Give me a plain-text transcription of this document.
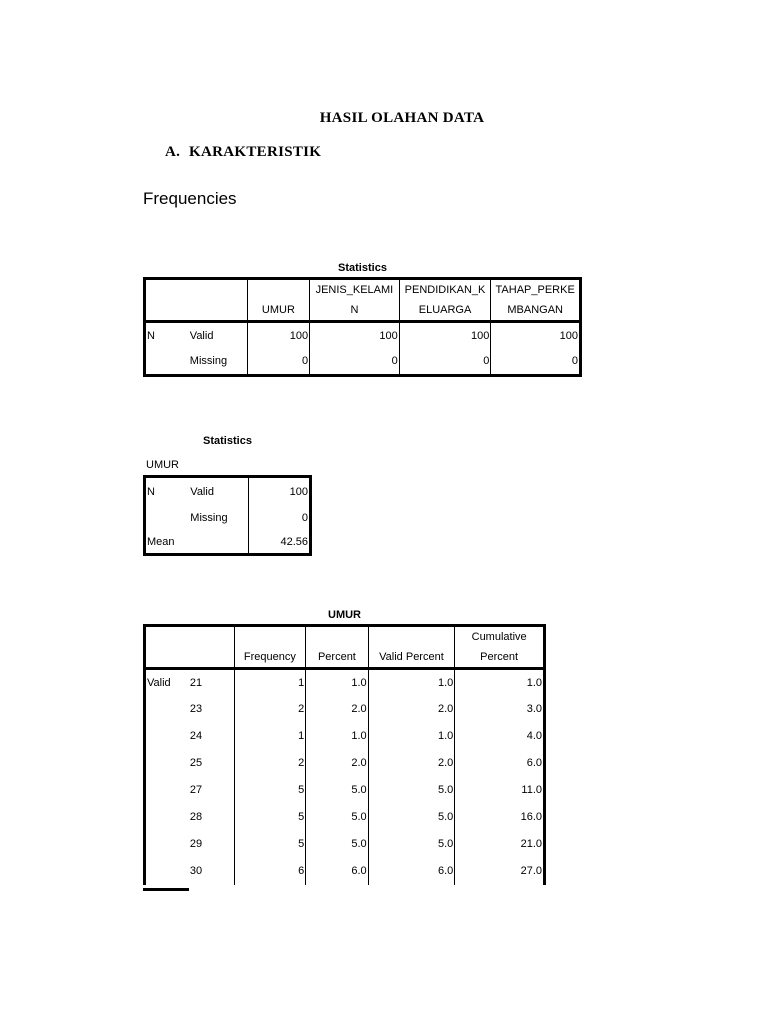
HASIL OLAHAN DATA
A. KARAKTERISTIK
Frequencies
Statistics
			JENIS_KELAMI	PENDIDIKAN_K	TAHAP_PERKE
		UMUR	N	ELUARGA	MBANGAN
N	Valid	100	100	100	100
	Missing	0	0	0	0
Statistics
UMUR
N	Valid	100
	Missing	0
Mean		42.56
UMUR
					Cumulative
		Frequency	Percent	Valid Percent	Percent
Valid	21	1	1.0	1.0	1.0
	23	2	2.0	2.0	3.0
	24	1	1.0	1.0	4.0
	25	2	2.0	2.0	6.0
	27	5	5.0	5.0	11.0
	28	5	5.0	5.0	16.0
	29	5	5.0	5.0	21.0
	30	6	6.0	6.0	27.0
